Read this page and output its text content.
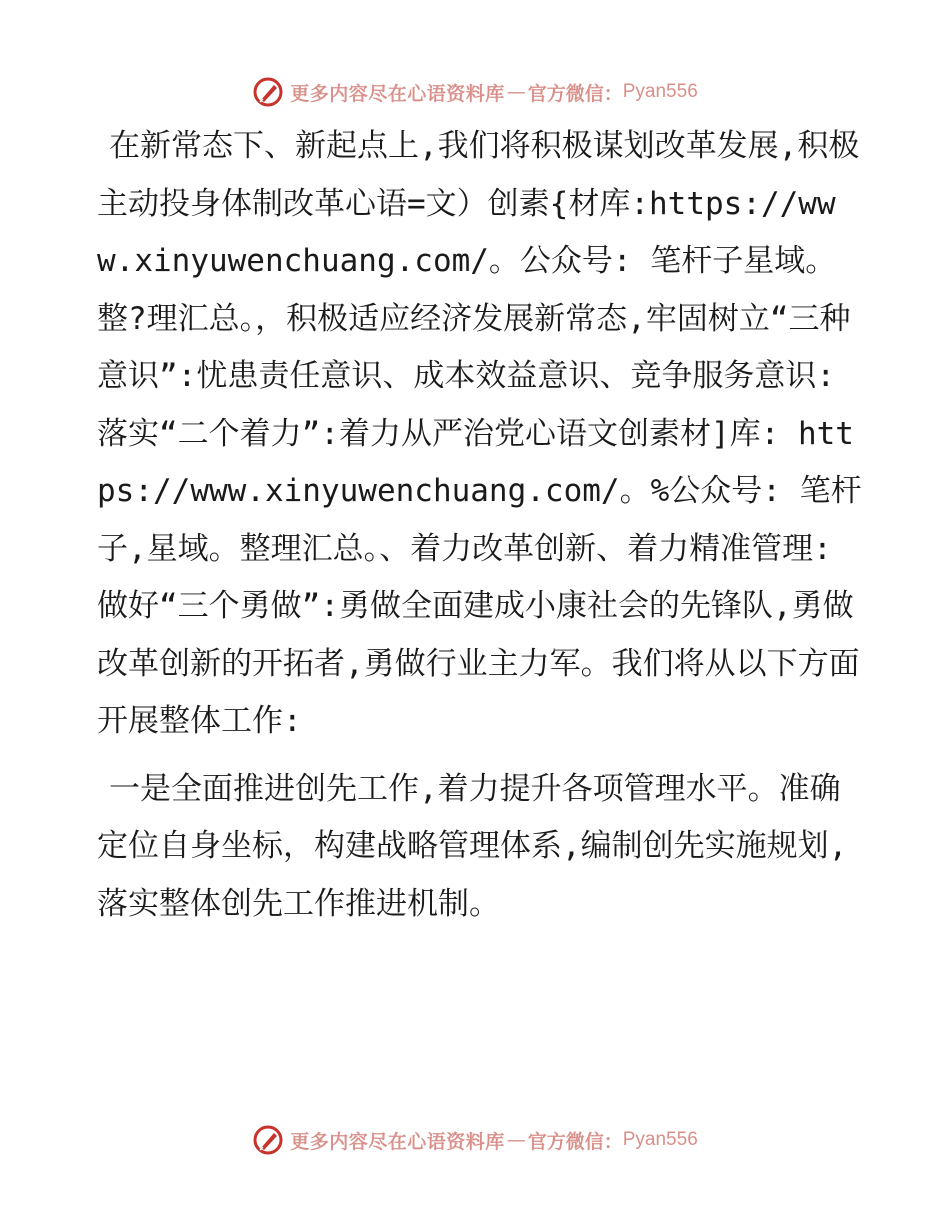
更多内容尽在心语资料库 — 官方微信： Pyan556

在新常态下、新起点上,我们将积极谋划改革发展,积极主动投身体制改革心语=文）创素{材库:https://www.xinyuwenchuang.com/。公众号: 笔杆子星域。整?理汇总。，积极适应经济发展新常态,牢固树立“三种意识”:忧患责任意识、成本效益意识、竞争服务意识:落实“二个着力”:着力从严治党心语文创素材]库: https://www.xinyuwenchuang.com/。%公众号: 笔杆子,星域。整理汇总。、着力改革创新、着力精准管理:做好“三个勇做”:勇做全面建成小康社会的先锋队,勇做改革创新的开拓者,勇做行业主力军。我们将从以下方面开展整体工作:

一是全面推进创先工作,着力提升各项管理水平。准确定位自身坐标，构建战略管理体系,编制创先实施规划,落实整体创先工作推进机制。

更多内容尽在心语资料库 — 官方微信： Pyan556
